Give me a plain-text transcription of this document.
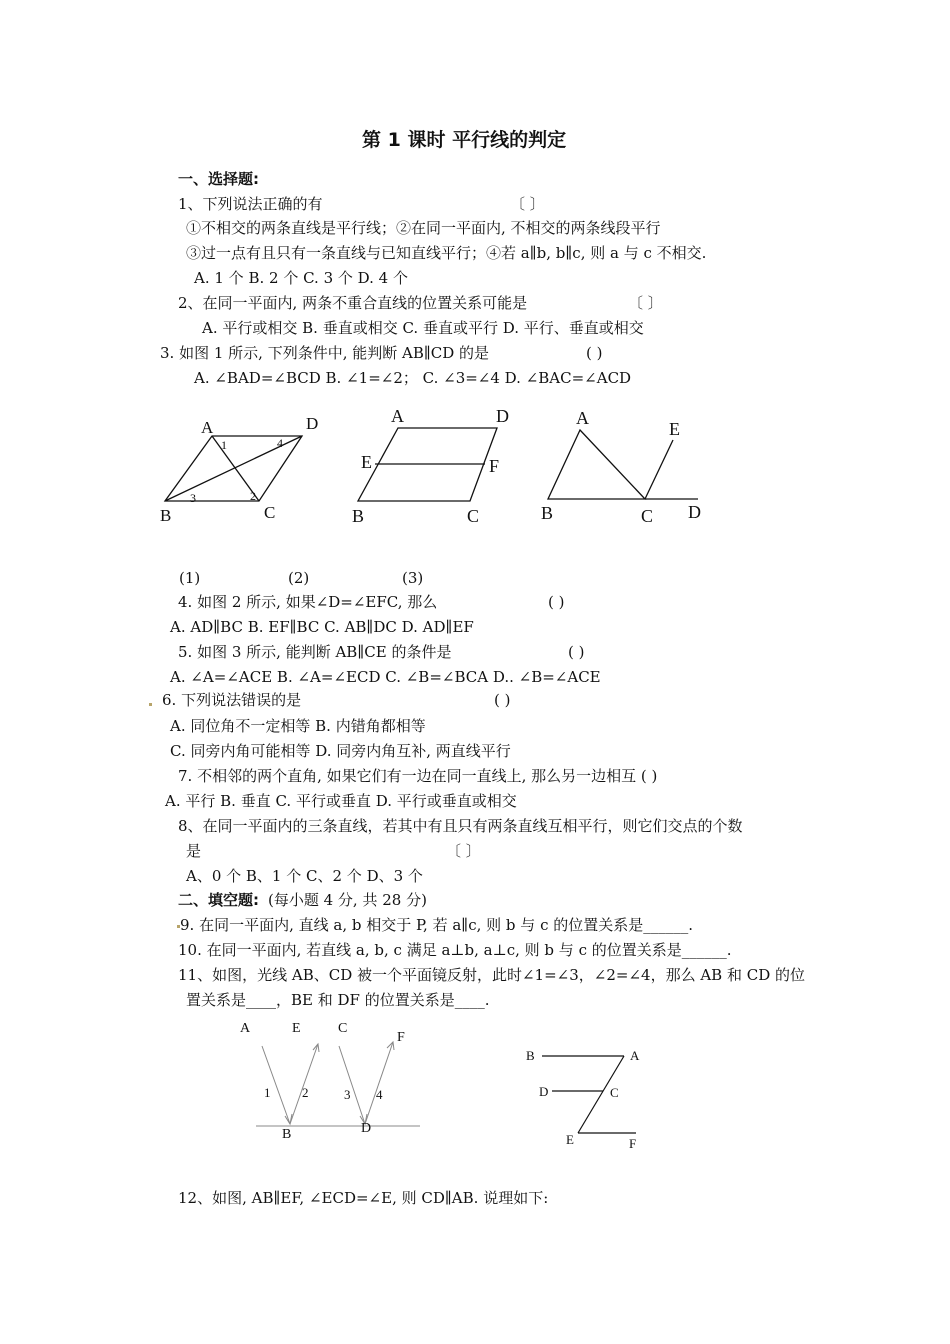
第 1 课时 平行线的判定
一、选择题:
1、下列说法正确的有	〔 〕
①不相交的两条直线是平行线；②在同一平面内, 不相交的两条线段平行
③过一点有且只有一条直线与已知直线平行；④若 a∥b, b∥c, 则 a 与 c 不相交.
A. 1 个 B. 2 个 C. 3 个 D. 4 个
2、在同一平面内, 两条不重合直线的位置关系可能是	〔 〕
A. 平行或相交 B. 垂直或相交 C. 垂直或平行 D. 平行、垂直或相交
3. 如图 1 所示, 下列条件中, 能判断 AB∥CD 的是	( )
A. ∠BAD=∠BCD B. ∠1=∠2； C. ∠3=∠4 D. ∠BAC=∠ACD
A	D
B	C
1	4
3	2
A	D
E	F
B	C
A
E
B	C D
A	E	C
F
1 2	3 4
B	D
B	A
D	C
E	F
(1)	(2)	(3)
4. 如图 2 所示, 如果∠D=∠EFC, 那么	( )
A. AD∥BC B. EF∥BC C. AB∥DC D. AD∥EF
5. 如图 3 所示, 能判断 AB∥CE 的条件是	( )
A. ∠A=∠ACE B. ∠A=∠ECD C. ∠B=∠BCA D.. ∠B=∠ACE
6. 下列说法错误的是	( )
A. 同位角不一定相等 B. 内错角都相等
C. 同旁内角可能相等 D. 同旁内角互补, 两直线平行
7. 不相邻的两个直角, 如果它们有一边在同一直线上, 那么另一边相互 ( )
A. 平行 B. 垂直 C. 平行或垂直 D. 平行或垂直或相交
8、在同一平面内的三条直线，若其中有且只有两条直线互相平行，则它们交点的个数
是	〔 〕
A、0 个 B、1 个 C、2 个 D、3 个
二、填空题: (每小题 4 分, 共 28 分)
9. 在同一平面内, 直线 a, b 相交于 P, 若 a∥c, 则 b 与 c 的位置关系是______.
10. 在同一平面内, 若直线 a, b, c 满足 a⊥b, a⊥c, 则 b 与 c 的位置关系是______.
11、如图，光线 AB、CD 被一个平面镜反射，此时∠1=∠3，∠2=∠4，那么 AB 和 CD 的位
置关系是____，BE 和 DF 的位置关系是____.
12、如图, AB∥EF, ∠ECD=∠E, 则 CD∥AB. 说理如下:
